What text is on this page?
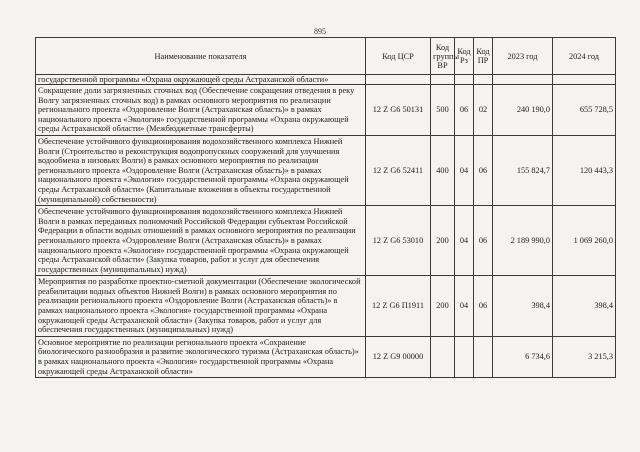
895
Наименование показателя	Код ЦСР	Код группы ВР	Код Рз	Код ПР	2023 год	2024 год
государственной программы «Охрана окружающей среды Астраханской области»						
Сокращение доли загрязненных сточных вод (Обеспечение сокращения отведения в реку Волгу загрязненных сточных вод) в рамках основного мероприятия по реализации регионального проекта «Оздоровление Волги (Астраханская область)» в рамках национального проекта «Экология» государственной программы «Охрана окружающей среды Астраханской области» (Межбюджетные трансферты)	12 Z G6 50131	500	06	02	240 190,0	655 728,5
Обеспечение устойчивого функционирования водохозяйственного комплекса Нижней Волги (Строительство и реконструкция водопропускных сооружений для улучшения водообмена в низовьях Волги) в рамках основного мероприятия по реализации регионального проекта «Оздоровление Волги (Астраханская область)» в рамках национального проекта «Экология» государственной программы «Охрана окружающей среды Астраханской области» (Капитальные вложения в объекты государственной (муниципальной) собственности)	12 Z G6 52411	400	04	06	155 824,7	120 443,3
Обеспечение устойчивого функционирования водохозяйственного комплекса Нижней Волги в рамках переданных полномочий Российской Федерации субъектам Российской Федерации в области водных отношений в рамках основного мероприятия по реализации регионального проекта «Оздоровление Волги (Астраханская область)» в рамках национального проекта «Экология» государственной программы «Охрана окружающей среды Астраханской области» (Закупка товаров, работ и услуг для обеспечения государственных (муниципальных) нужд)	12 Z G6 53010	200	04	06	2 189 990,0	1 069 260,0
Мероприятия по разработке проектно-сметной документации (Обеспечение экологической реабилитации водных объектов Нижней Волги) в рамках основного мероприятия по реализации регионального проекта «Оздоровление Волги (Астраханская область)» в рамках национального проекта «Экология» государственной программы «Охрана окружающей среды Астраханской области» (Закупка товаров, работ и услуг для обеспечения государственных (муниципальных) нужд)	12 Z G6 П1911	200	04	06	398,4	398,4
Основное мероприятие по реализации регионального проекта «Сохранение биологического разнообразия и развитие экологического туризма (Астраханская область)» в рамках национального проекта «Экология» государственной программы «Охрана окружающей среды Астраханской области»	12 Z G9 00000				6 734,6	3 215,3
